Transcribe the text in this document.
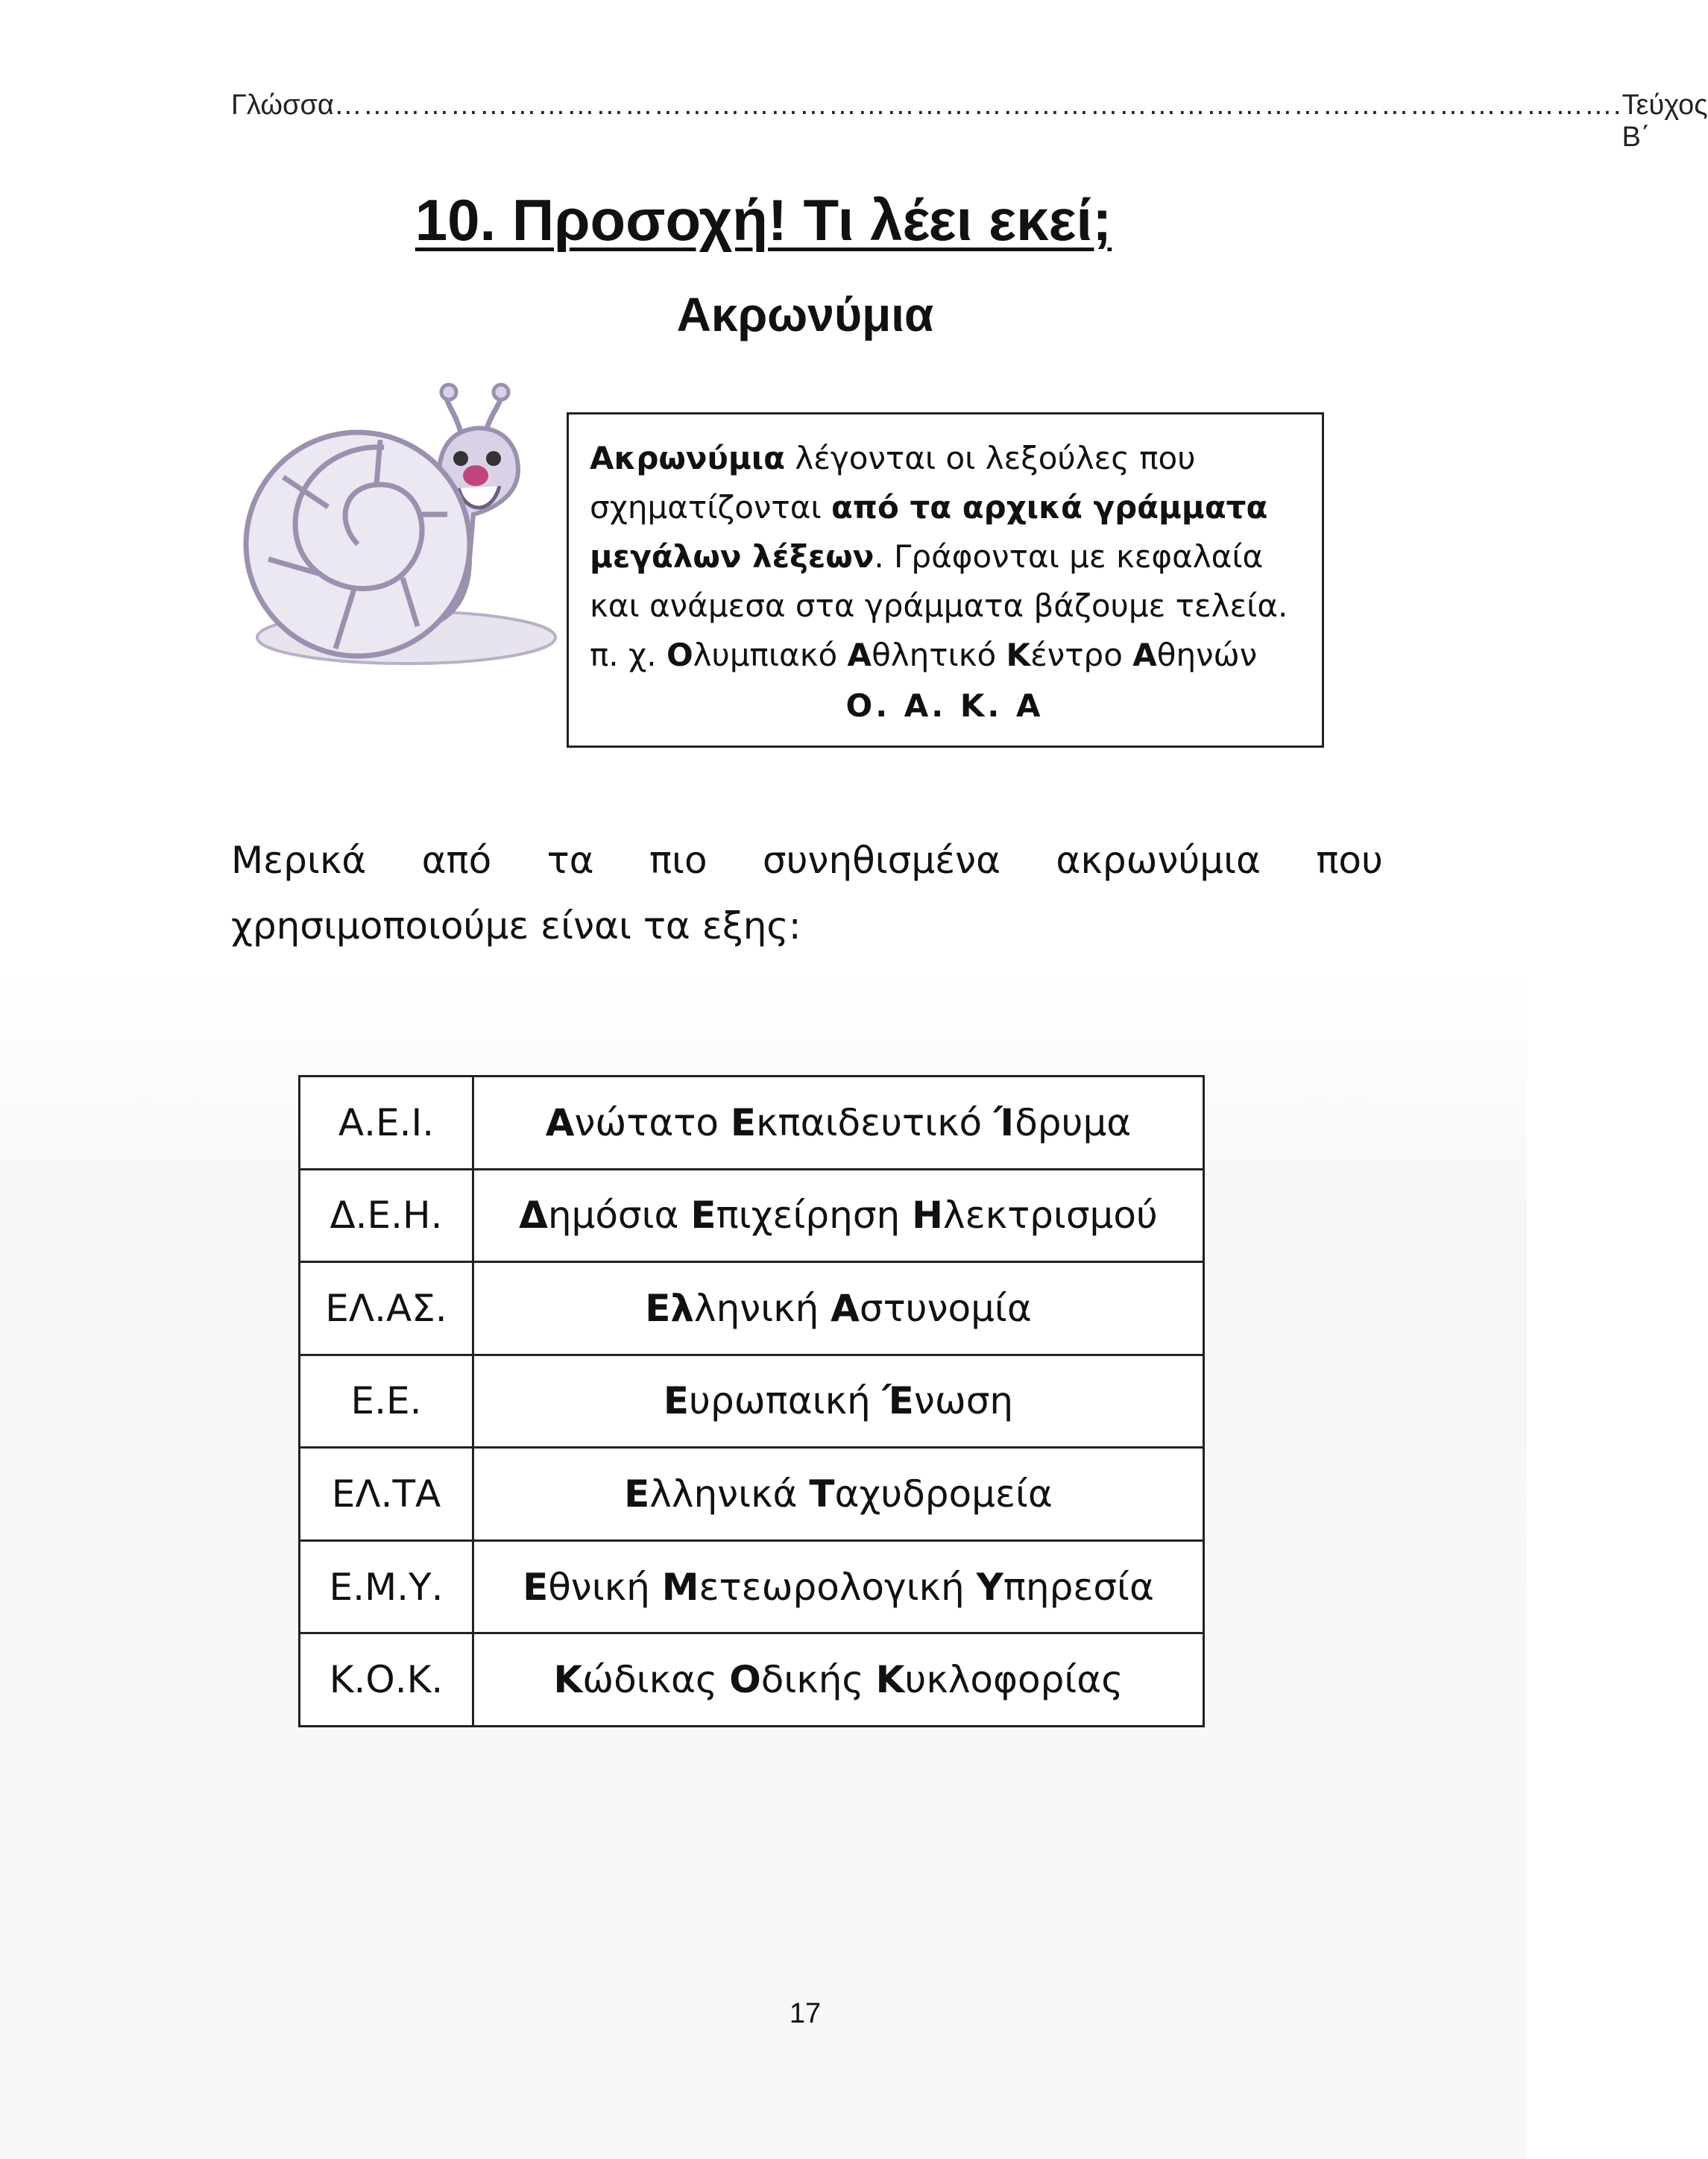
Γλώσσα ……………………………………………………………………………………………………………………. Τεύχος Β΄
10. Προσοχή! Τι λέει εκεί;
Ακρωνύμια

Ακρωνύμια λέγονται οι λεξούλες που σχηματίζονται από τα αρχικά γράμματα μεγάλων λέξεων. Γράφονται με κεφαλαία και ανάμεσα στα γράμματα βάζουμε τελεία.

π. χ. Ολυμπιακό Αθλητικό Κέντρο Αθηνών

Ο. Α. Κ. Α

Μερικά από τα πιο συνηθισμένα ακρωνύμια που
χρησιμοποιούμε είναι τα εξης:
Α.Ε.Ι.	Ανώτατο Εκπαιδευτικό Ίδρυμα
Δ.Ε.Η.	Δημόσια Επιχείρηση Ηλεκτρισμού
ΕΛ.ΑΣ.	Ελληνική Αστυνομία
Ε.Ε.	Ευρωπαική Ένωση
ΕΛ.ΤΑ	Ελληνικά Ταχυδρομεία
Ε.Μ.Υ.	Εθνική Μετεωρολογική Υπηρεσία
Κ.Ο.Κ.	Κώδικας Οδικής Κυκλοφορίας
17
